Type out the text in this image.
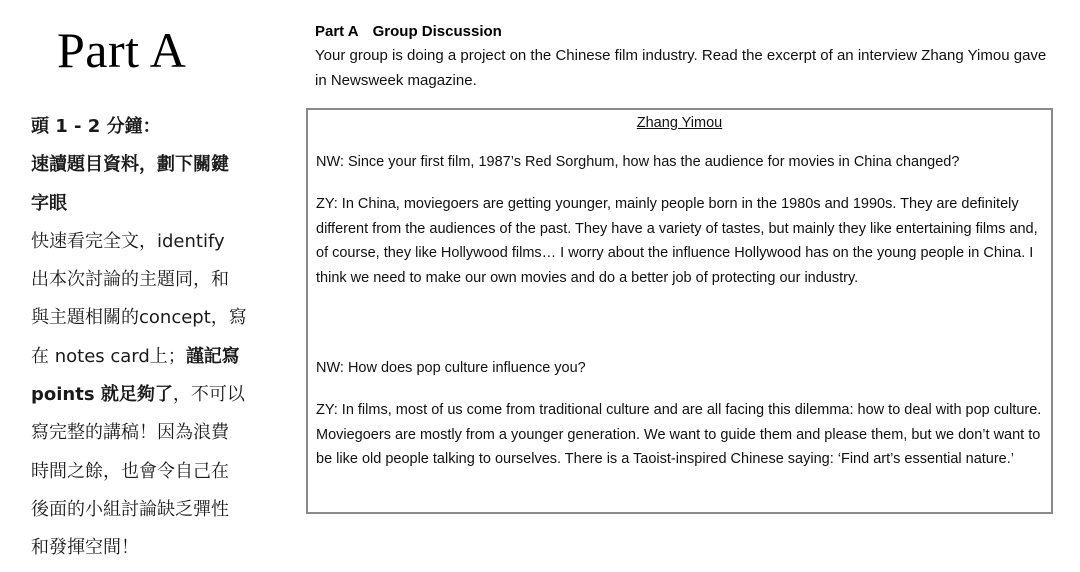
Part A
頭 1 - 2 分鐘：
速讀題目資料，劃下關鍵
字眼
快速看完全文，identify
出本次討論的主題同，和
與主題相關的concept，寫
在 notes card上；謹記寫
points 就足夠了，不可以
寫完整的講稿！因為浪費
時間之餘，也會令自己在
後面的小組討論缺乏彈性
和發揮空間！
Part A Group Discussion
Your group is doing a project on the Chinese film industry. Read the excerpt of an interview Zhang Yimou gave in Newsweek magazine.
Zhang Yimou
NW: Since your first film, 1987’s Red Sorghum, how has the audience for movies in China changed?
ZY: In China, moviegoers are getting younger, mainly people born in the 1980s and 1990s. They are definitely different from the audiences of the past. They have a variety of tastes, but mainly they like entertaining films and, of course, they like Hollywood films… I worry about the influence Hollywood has on the young people in China. I think we need to make our own movies and do a better job of protecting our industry.
NW: How does pop culture influence you?
ZY: In films, most of us come from traditional culture and are all facing this dilemma: how to deal with pop culture. Moviegoers are mostly from a younger generation. We want to guide them and please them, but we don’t want to be like old people talking to ourselves. There is a Taoist-inspired Chinese saying: ‘Find art’s essential nature.’
